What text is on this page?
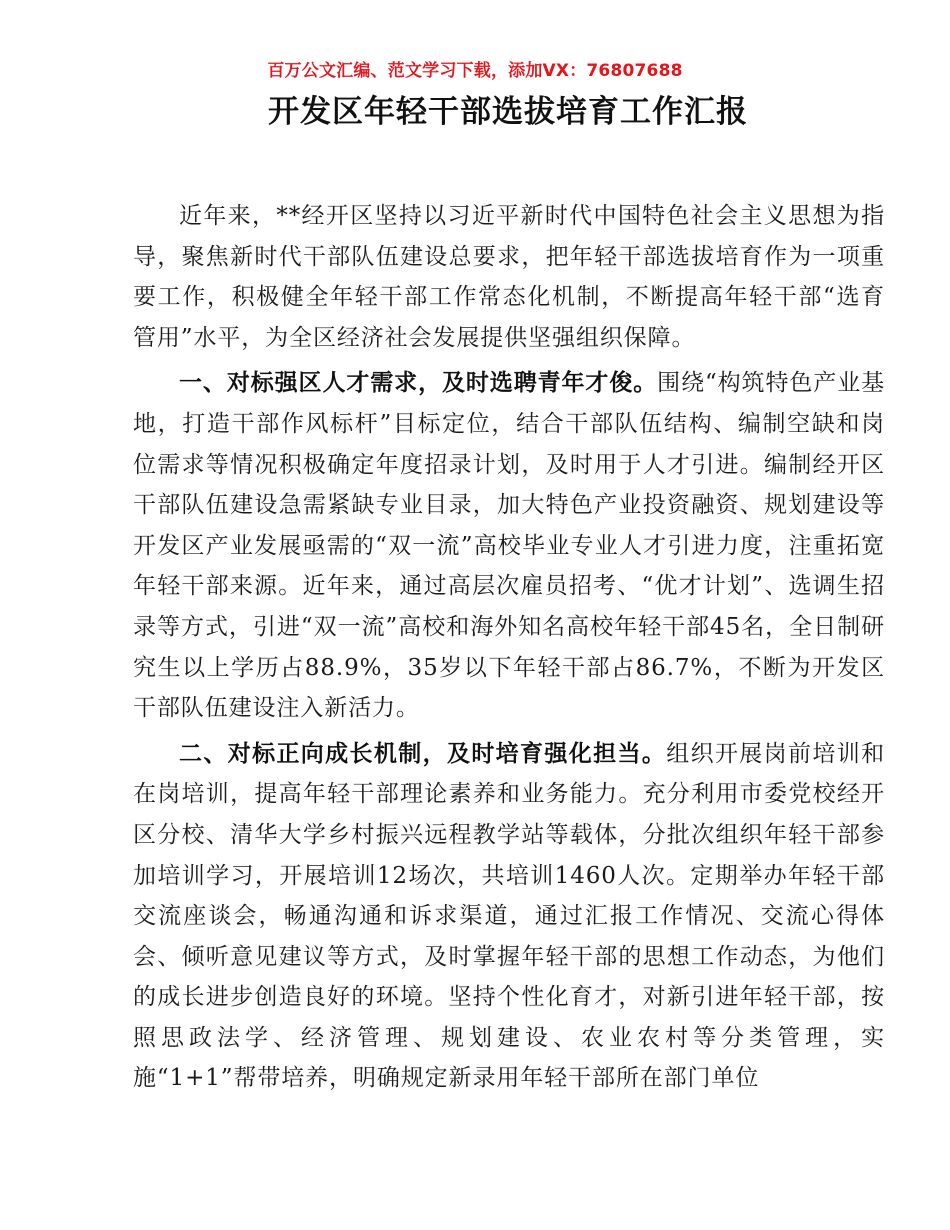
百万公文汇编、范文学习下载，添加VX：76807688
开发区年轻干部选拔培育工作汇报

近年来，**经开区坚持以习近平新时代中国特色社会主义思想为指导，聚焦新时代干部队伍建设总要求，把年轻干部选拔培育作为一项重要工作，积极健全年轻干部工作常态化机制，不断提高年轻干部“选育管用”水平，为全区经济社会发展提供坚强组织保障。

一、对标强区人才需求，及时选聘青年才俊。围绕“构筑特色产业基地，打造干部作风标杆”目标定位，结合干部队伍结构、编制空缺和岗位需求等情况积极确定年度招录计划，及时用于人才引进。编制经开区干部队伍建设急需紧缺专业目录，加大特色产业投资融资、规划建设等开发区产业发展亟需的“双一流”高校毕业专业人才引进力度，注重拓宽年轻干部来源。近年来，通过高层次雇员招考、“优才计划”、选调生招录等方式，引进“双一流”高校和海外知名高校年轻干部45名，全日制研究生以上学历占88.9%，35岁以下年轻干部占86.7%，不断为开发区干部队伍建设注入新活力。

二、对标正向成长机制，及时培育强化担当。组织开展岗前培训和在岗培训，提高年轻干部理论素养和业务能力。充分利用市委党校经开区分校、清华大学乡村振兴远程教学站等载体，分批次组织年轻干部参加培训学习，开展培训12场次，共培训1460人次。定期举办年轻干部交流座谈会，畅通沟通和诉求渠道，通过汇报工作情况、交流心得体会、倾听意见建议等方式，及时掌握年轻干部的思想工作动态，为他们的成长进步创造良好的环境。坚持个性化育才，对新引进年轻干部，按照思政法学、经济管理、规划建设、农业农村等分类管理，实施“1+1”帮带培养，明确规定新录用年轻干部所在部门单位
